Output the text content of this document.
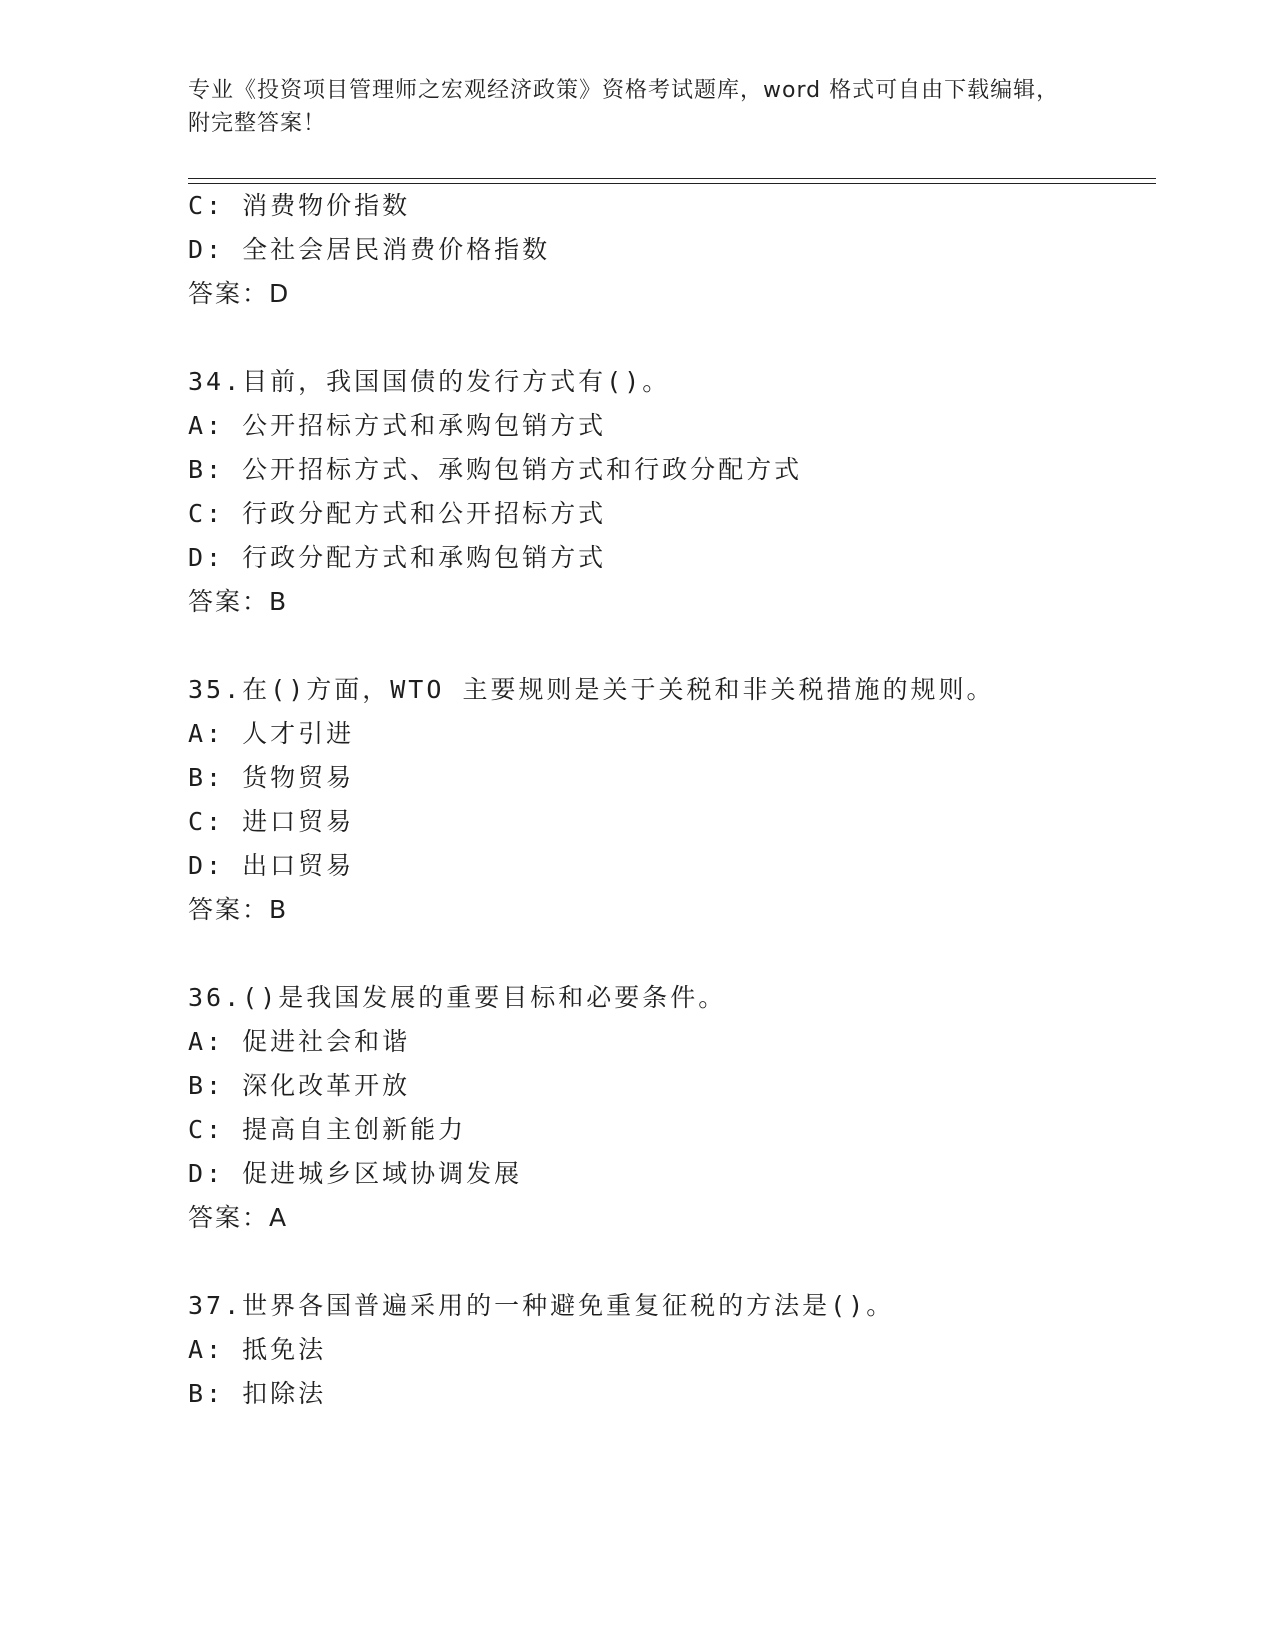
专业《投资项目管理师之宏观经济政策》资格考试题库，word 格式可自由下载编辑，附完整答案！
C: 消费物价指数
D: 全社会居民消费价格指数
答案：D
34.目前，我国国债的发行方式有()。
A: 公开招标方式和承购包销方式
B: 公开招标方式、承购包销方式和行政分配方式
C: 行政分配方式和公开招标方式
D: 行政分配方式和承购包销方式
答案：B
35.在()方面，WTO 主要规则是关于关税和非关税措施的规则。
A: 人才引进
B: 货物贸易
C: 进口贸易
D: 出口贸易
答案：B
36.()是我国发展的重要目标和必要条件。
A: 促进社会和谐
B: 深化改革开放
C: 提高自主创新能力
D: 促进城乡区域协调发展
答案：A
37.世界各国普遍采用的一种避免重复征税的方法是()。
A: 抵免法
B: 扣除法
